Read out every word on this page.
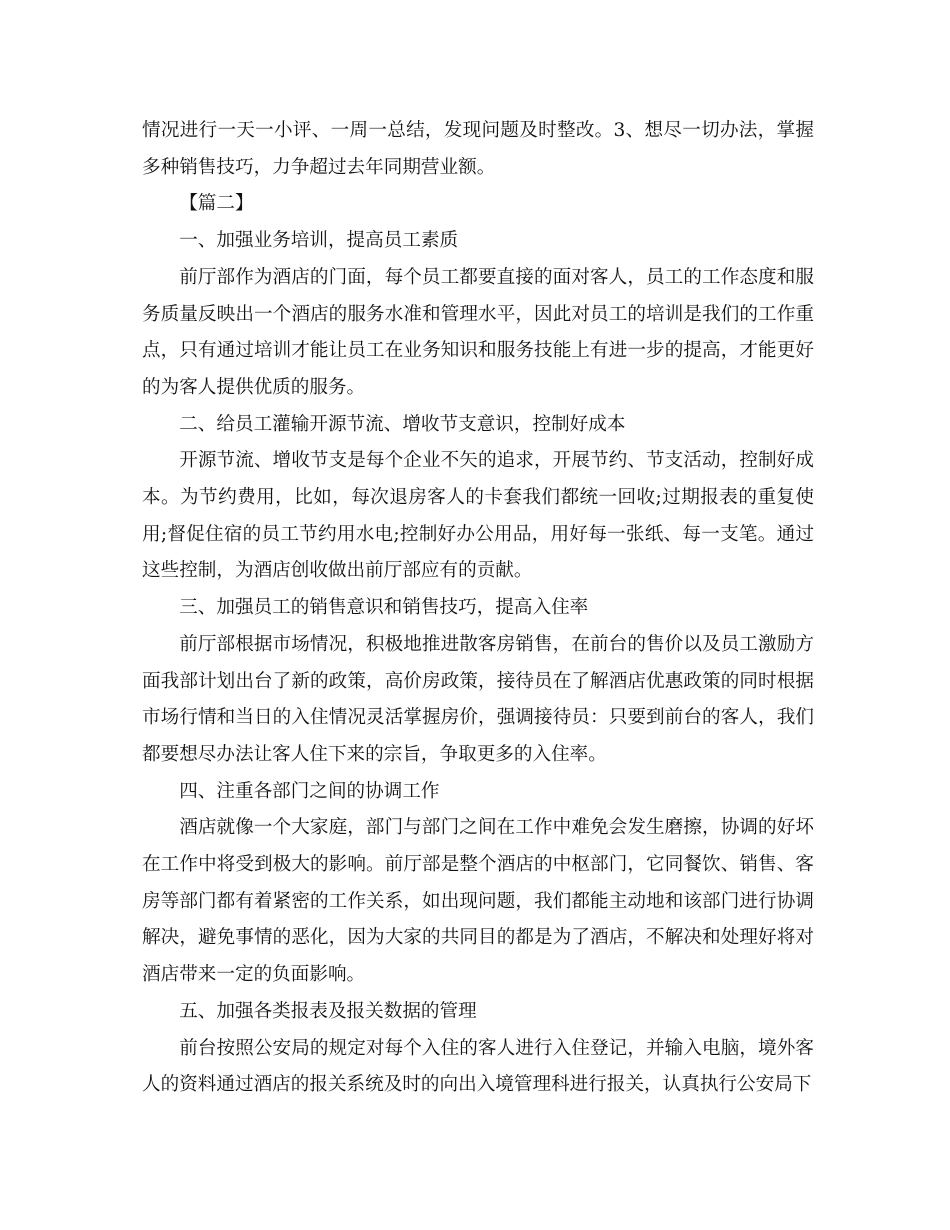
情况进行一天一小评、一周一总结，发现问题及时整改。3、想尽一切办法，掌握多种销售技巧，力争超过去年同期营业额。

【篇二】

一、加强业务培训，提高员工素质

前厅部作为酒店的门面，每个员工都要直接的面对客人，员工的工作态度和服务质量反映出一个酒店的服务水准和管理水平，因此对员工的培训是我们的工作重点，只有通过培训才能让员工在业务知识和服务技能上有进一步的提高，才能更好的为客人提供优质的服务。

二、给员工灌输开源节流、增收节支意识，控制好成本

开源节流、增收节支是每个企业不矢的追求，开展节约、节支活动，控制好成本。为节约费用，比如，每次退房客人的卡套我们都统一回收;过期报表的重复使用;督促住宿的员工节约用水电;控制好办公用品，用好每一张纸、每一支笔。通过这些控制，为酒店创收做出前厅部应有的贡献。

三、加强员工的销售意识和销售技巧，提高入住率

前厅部根据市场情况，积极地推进散客房销售，在前台的售价以及员工激励方面我部计划出台了新的政策，高价房政策，接待员在了解酒店优惠政策的同时根据市场行情和当日的入住情况灵活掌握房价，强调接待员：只要到前台的客人，我们都要想尽办法让客人住下来的宗旨，争取更多的入住率。

四、注重各部门之间的协调工作

酒店就像一个大家庭，部门与部门之间在工作中难免会发生磨擦，协调的好坏在工作中将受到极大的影响。前厅部是整个酒店的中枢部门，它同餐饮、销售、客房等部门都有着紧密的工作关系，如出现问题，我们都能主动地和该部门进行协调解决，避免事情的恶化，因为大家的共同目的都是为了酒店，不解决和处理好将对酒店带来一定的负面影响。

五、加强各类报表及报关数据的管理

前台按照公安局的规定对每个入住的客人进行入住登记，并输入电脑，境外客人的资料通过酒店的报关系统及时的向出入境管理科进行报关，认真执行公安局下
